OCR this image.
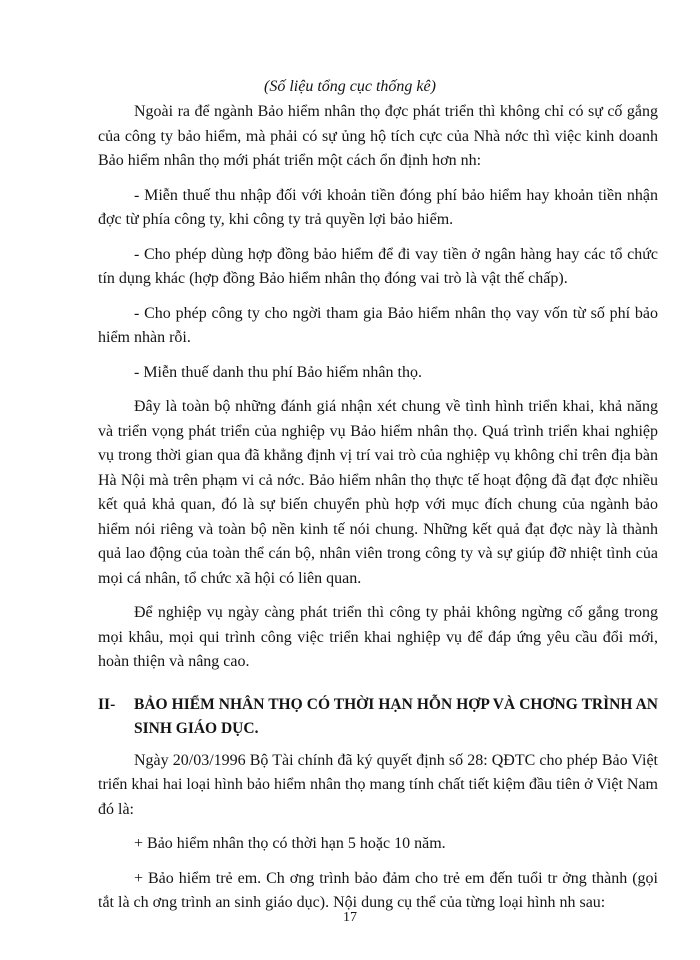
(Số liệu tổng cục thống kê)

Ngoài ra để ngành Bảo hiểm nhân thọ đợc phát triển thì không chỉ có sự cố gắng của công ty bảo hiểm, mà phải có sự ủng hộ tích cực của Nhà nớc thì việc kinh doanh Bảo hiểm nhân thọ mới phát triển một cách ổn định hơn nh:

- Miễn thuế thu nhập đối với khoản tiền đóng phí bảo hiểm hay khoản tiền nhận đợc từ phía công ty, khi công ty trả quyền lợi bảo hiểm.

- Cho phép dùng hợp đồng bảo hiểm để đi vay tiền ở ngân hàng hay các tổ chức tín dụng khác (hợp đồng Bảo hiểm nhân thọ đóng vai trò là vật thế chấp).

- Cho phép công ty cho ngời tham gia Bảo hiểm nhân thọ vay vốn từ số phí bảo hiểm nhàn rỗi.

- Miễn thuế danh thu phí Bảo hiểm nhân thọ.

Đây là toàn bộ những đánh giá nhận xét chung về tình hình triển khai, khả năng và triển vọng phát triển của nghiệp vụ Bảo hiểm nhân thọ. Quá trình triển khai nghiệp vụ trong thời gian qua đã khẳng định vị trí vai trò của nghiệp vụ không chỉ trên địa bàn Hà Nội mà trên phạm vi cả nớc. Bảo hiểm nhân thọ thực tế hoạt động đã đạt đợc nhiều kết quả khả quan, đó là sự biến chuyển phù hợp với mục đích chung của ngành bảo hiểm nói riêng và toàn bộ nền kinh tế nói chung. Những kết quả đạt đợc này là thành quả lao động của toàn thể cán bộ, nhân viên trong công ty và sự giúp đỡ nhiệt tình của mọi cá nhân, tổ chức xã hội có liên quan.

Để nghiệp vụ ngày càng phát triển thì công ty phải không ngừng cố gắng trong mọi khâu, mọi qui trình công việc triển khai nghiệp vụ để đáp ứng yêu cầu đổi mới, hoàn thiện và nâng cao.

II- BẢO HIỂM NHÂN THỌ CÓ THỜI HẠN HỖN HỢP VÀ CHƠNG TRÌNH AN SINH GIÁO DỤC.

Ngày 20/03/1996 Bộ Tài chính đã ký quyết định số 28: QĐTC cho phép Bảo Việt triển khai hai loại hình bảo hiểm nhân thọ mang tính chất tiết kiệm đầu tiên ở Việt Nam đó là:

+ Bảo hiểm nhân thọ có thời hạn 5 hoặc 10 năm.

+ Bảo hiểm trẻ em. Ch ơng trình bảo đảm cho trẻ em đến tuổi tr ởng thành (gọi tắt là ch ơng trình an sinh giáo dục). Nội dung cụ thể của từng loại hình nh sau:

17
